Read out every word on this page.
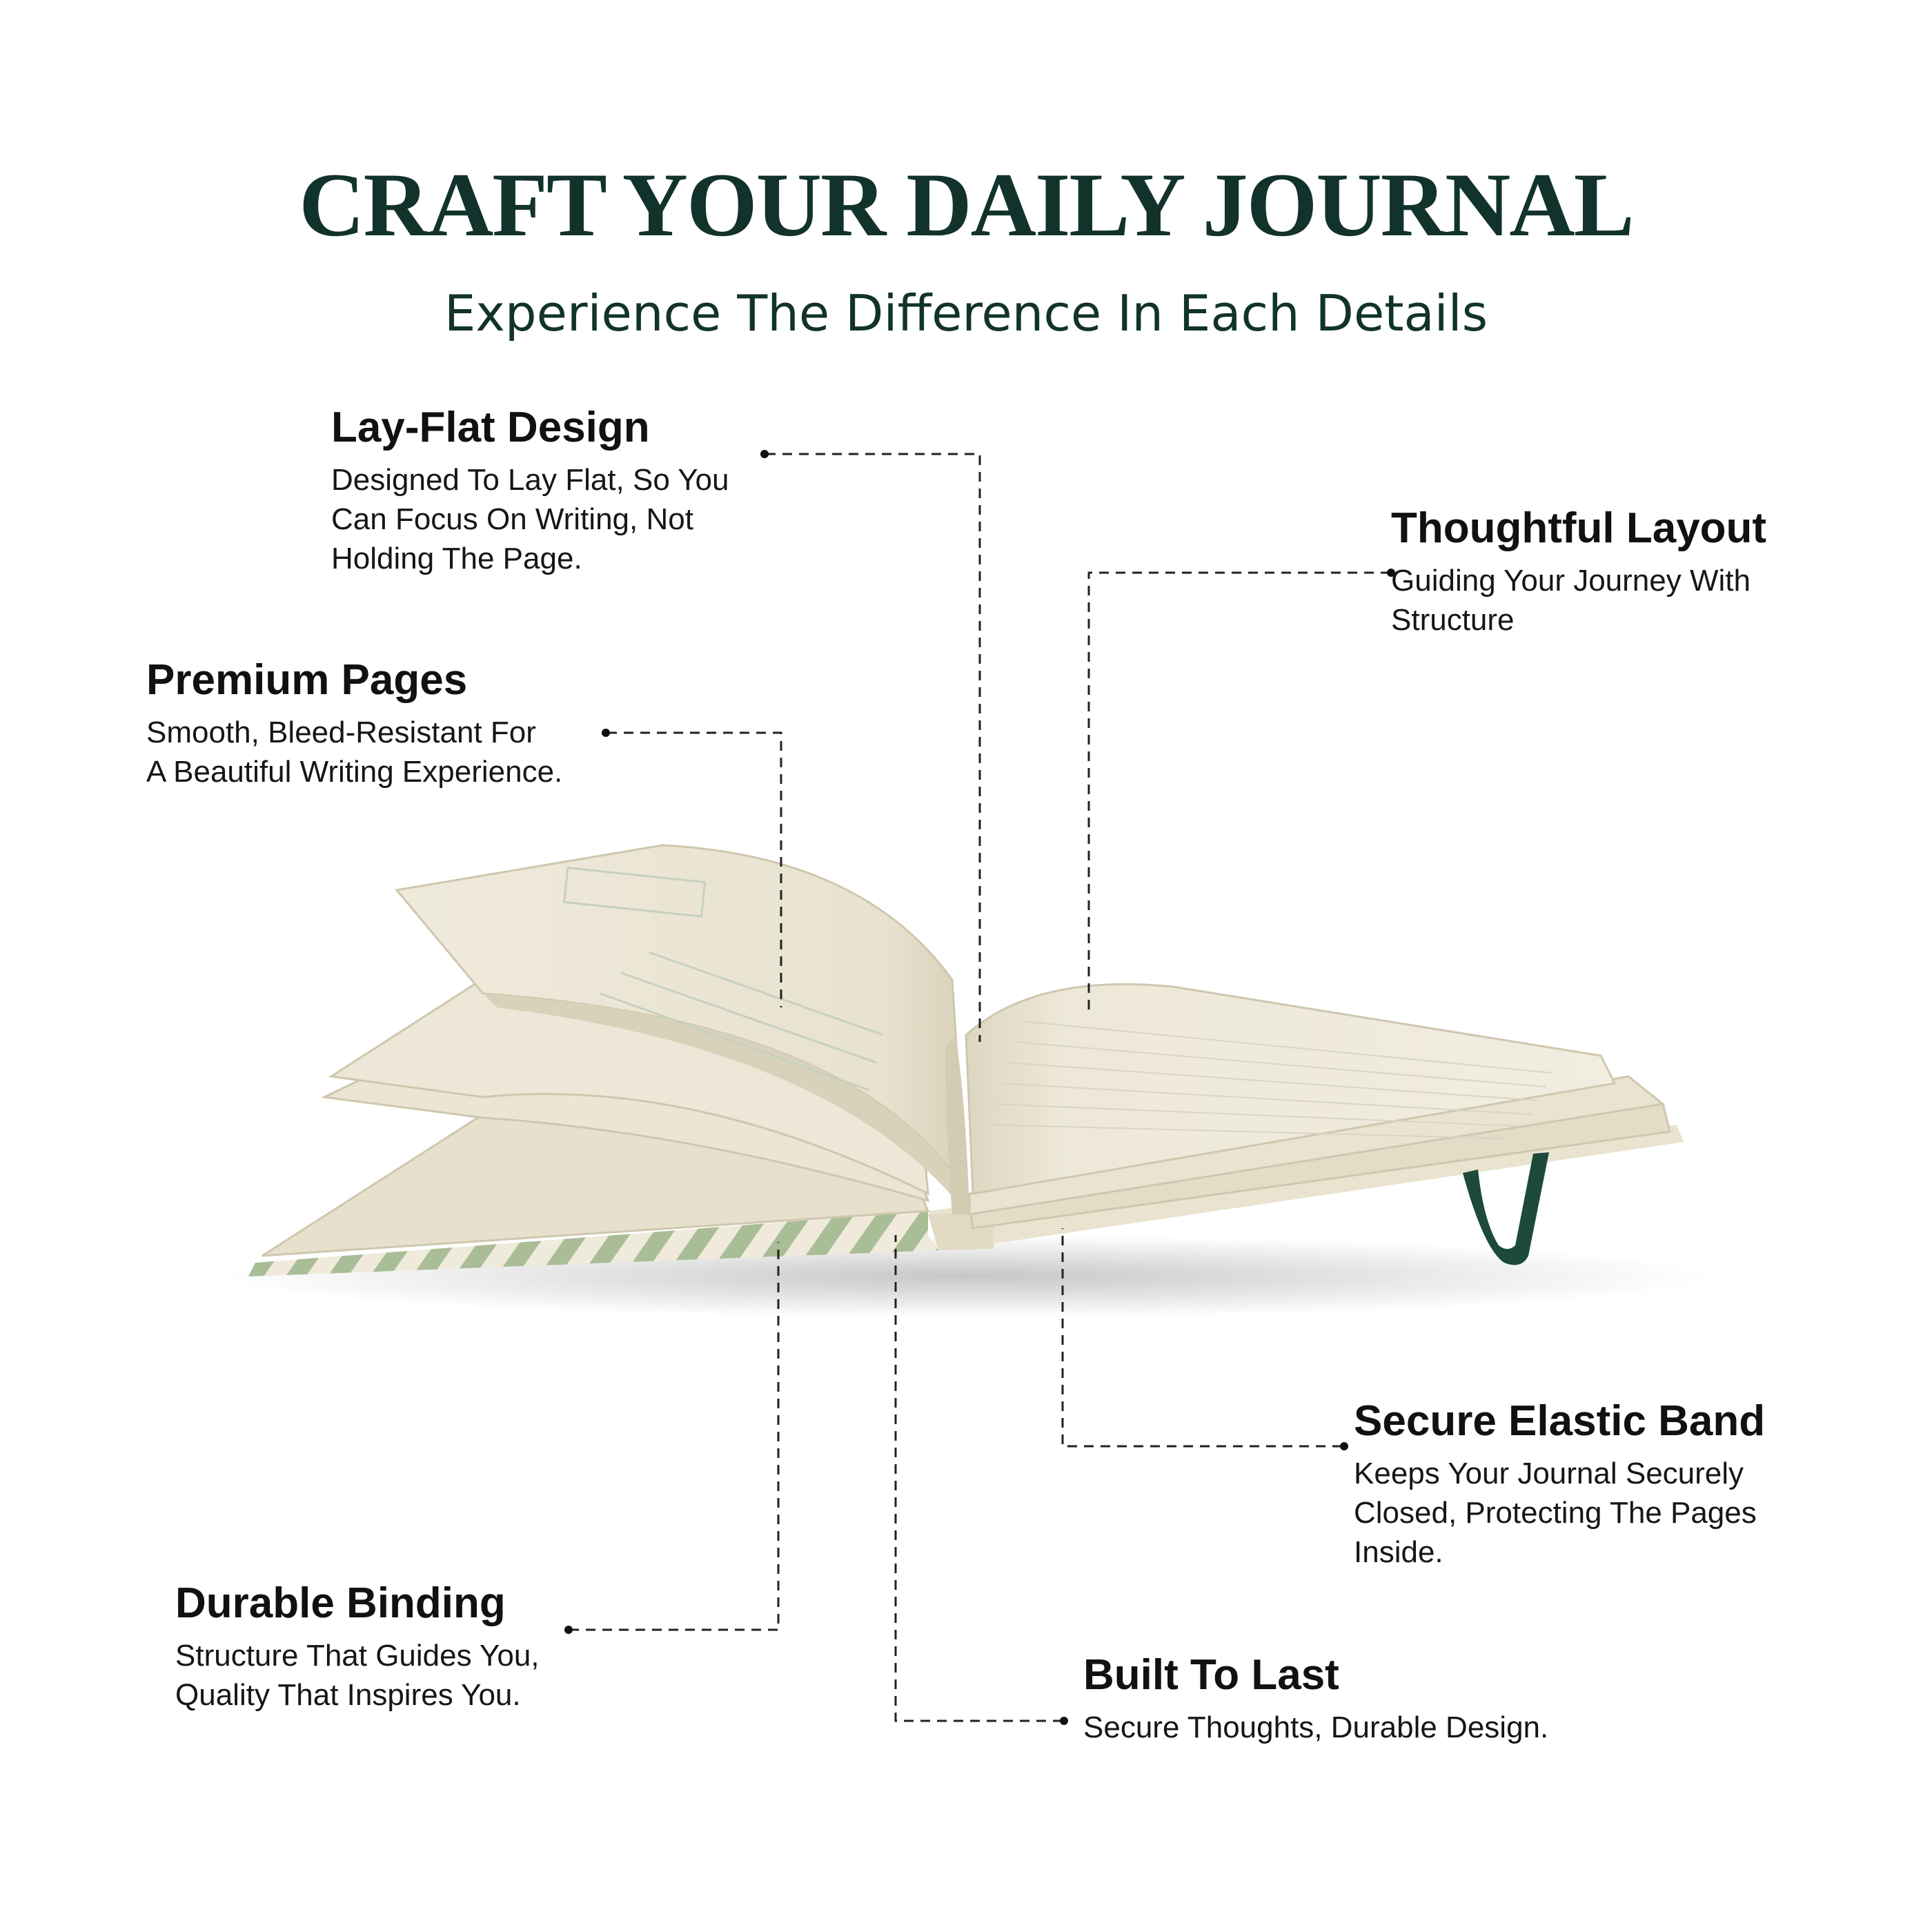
CRAFT YOUR DAILY JOURNAL
Experience The Difference In Each Details
Lay-Flat Design

Designed To Lay Flat, So You
Can Focus On Writing, Not
Holding The Page.

Thoughtful Layout

Guiding Your Journey With
Structure

Premium Pages

Smooth, Bleed-Resistant For
A Beautiful Writing Experience.

Secure Elastic Band

Keeps Your Journal Securely
Closed, Protecting The Pages
Inside.

Durable Binding

Structure That Guides You,
Quality That Inspires You.	Built To Last

Secure Thoughts, Durable Design.
